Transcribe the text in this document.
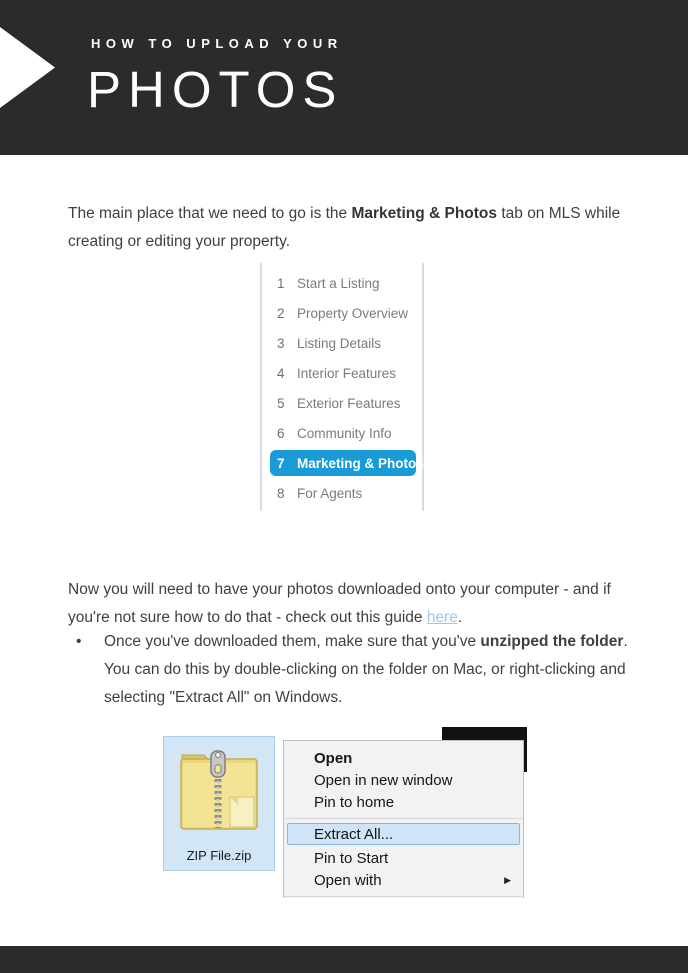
HOW TO UPLOAD YOUR
PHOTOS

The main place that we need to go is the Marketing & Photos tab on MLS while creating or editing your property.

1 Start a Listing
2 Property Overview
3 Listing Details
4 Interior Features
5 Exterior Features
6 Community Info
7 Marketing & Photos
8 For Agents

Now you will need to have your photos downloaded onto your computer - and if you're not sure how to do that - check out this guide here.

•	Once you've downloaded them, make sure that you've unzipped the folder. You can do this by double-clicking on the folder on Mac, or right-clicking and selecting "Extract All" on Windows.
ZIP File.zip
Open
Open in new window
Pin to home
Extract All...
Pin to Start
Open with	▶
